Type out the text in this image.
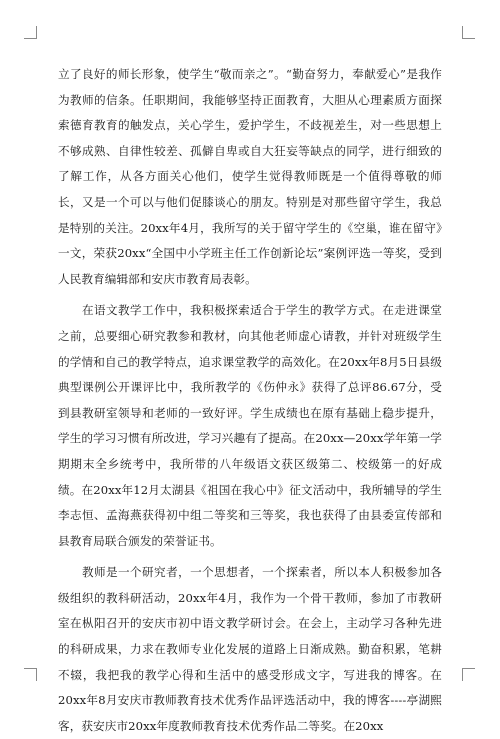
立了良好的师长形象，使学生“敬而亲之”。“勤奋努力，奉献爱心”是我作为教师的信条。任职期间，我能够坚持正面教育，大胆从心理素质方面探索德育教育的触发点，关心学生，爱护学生，不歧视差生，对一些思想上不够成熟、自律性较差、孤僻自卑或自大狂妄等缺点的同学，进行细致的了解工作，从各方面关心他们，使学生觉得教师既是一个值得尊敬的师长，又是一个可以与他们促膝谈心的朋友。特别是对那些留守学生，我总是特别的关注。20xx年4月，我所写的关于留守学生的《空巢，谁在留守》一文，荣获20xx“全国中小学班主任工作创新论坛”案例评选一等奖，受到人民教育编辑部和安庆市教育局表彰。

在语文教学工作中，我积极探索适合于学生的教学方式。在走进课堂之前，总要细心研究教参和教材，向其他老师虚心请教，并针对班级学生的学情和自己的教学特点，追求课堂教学的高效化。在20xx年8月5日县级典型课例公开课评比中，我所教学的《伤仲永》获得了总评86.67分，受到县教研室领导和老师的一致好评。学生成绩也在原有基础上稳步提升，学生的学习习惯有所改进，学习兴趣有了提高。在20xx—20xx学年第一学期期末全乡统考中，我所带的八年级语文获区级第二、校级第一的好成绩。在20xx年12月太湖县《祖国在我心中》征文活动中，我所辅导的学生李志恒、孟海燕获得初中组二等奖和三等奖，我也获得了由县委宣传部和县教育局联合颁发的荣誉证书。

教师是一个研究者，一个思想者，一个探索者，所以本人积极参加各级组织的教科研活动，20xx年4月，我作为一个骨干教师，参加了市教研室在枞阳召开的安庆市初中语文教学研讨会。在会上，主动学习各种先进的科研成果，力求在教师专业化发展的道路上日渐成熟。勤奋积累，笔耕不辍，我把我的教学心得和生活中的感受形成文字，写进我的博客。在20xx年8月安庆市教师教育技术优秀作品评选活动中，我的博客----亭湖熙客，获安庆市20xx年度教师教育技术优秀作品二等奖。在20xx
